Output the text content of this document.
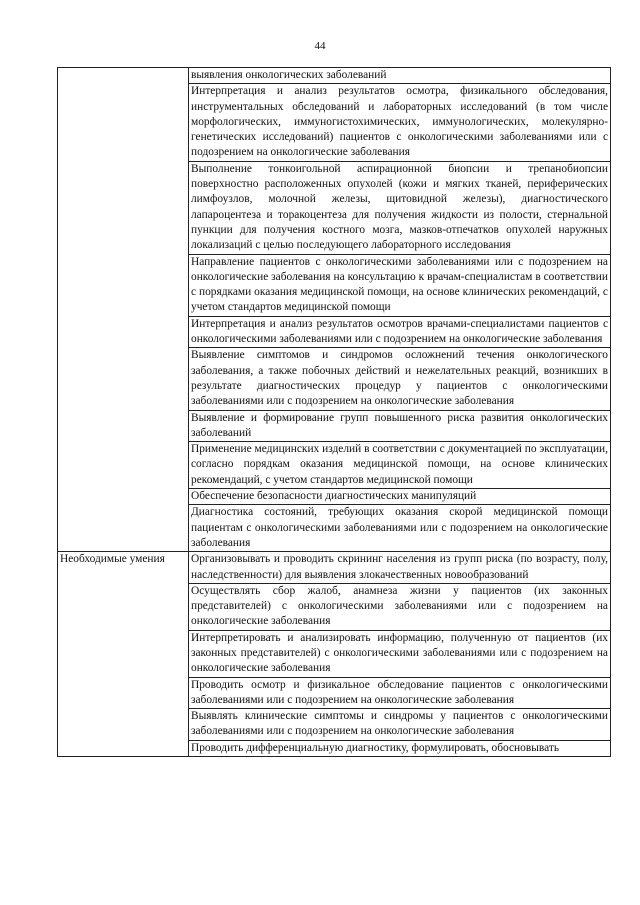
44
	выявления онкологических заболеваний
	Интерпретация и анализ результатов осмотра, физикального обследования, инструментальных обследований и лабораторных исследований (в том числе морфологических, иммуногистохимических, иммунологических, молекулярно-генетических исследований) пациентов с онкологическими заболеваниями или с подозрением на онкологические заболевания
	Выполнение тонкоигольной аспирационной биопсии и трепанобиопсии поверхностно расположенных опухолей (кожи и мягких тканей, периферических лимфоузлов, молочной железы, щитовидной железы), диагностического лапароцентеза и торакоцентеза для получения жидкости из полости, стернальной пункции для получения костного мозга, мазков-отпечатков опухолей наружных локализаций с целью последующего лабораторного исследования
	Направление пациентов с онкологическими заболеваниями или с подозрением на онкологические заболевания на консультацию к врачам-специалистам в соответствии с порядками оказания медицинской помощи, на основе клинических рекомендаций, с учетом стандартов медицинской помощи
	Интерпретация и анализ результатов осмотров врачами-специалистами пациентов с онкологическими заболеваниями или с подозрением на онкологические заболевания
	Выявление симптомов и синдромов осложнений течения онкологического заболевания, а также побочных действий и нежелательных реакций, возникших в результате диагностических процедур у пациентов с онкологическими заболеваниями или с подозрением на онкологические заболевания
	Выявление и формирование групп повышенного риска развития онкологических заболеваний
	Применение медицинских изделий в соответствии с документацией по эксплуатации, согласно порядкам оказания медицинской помощи, на основе клинических рекомендаций, с учетом стандартов медицинской помощи
	Обеспечение безопасности диагностических манипуляций
	Диагностика состояний, требующих оказания скорой медицинской помощи пациентам с онкологическими заболеваниями или с подозрением на онкологические заболевания
Необходимые умения	Организовывать и проводить скрининг населения из групп риска (по возрасту, полу, наследственности) для выявления злокачественных новообразований
	Осуществлять сбор жалоб, анамнеза жизни у пациентов (их законных представителей) с онкологическими заболеваниями или с подозрением на онкологические заболевания
	Интерпретировать и анализировать информацию, полученную от пациентов (их законных представителей) с онкологическими заболеваниями или с подозрением на онкологические заболевания
	Проводить осмотр и физикальное обследование пациентов с онкологическими заболеваниями или с подозрением на онкологические заболевания
	Выявлять клинические симптомы и синдромы у пациентов с онкологическими заболеваниями или с подозрением на онкологические заболевания
	Проводить дифференциальную диагностику, формулировать, обосновывать
